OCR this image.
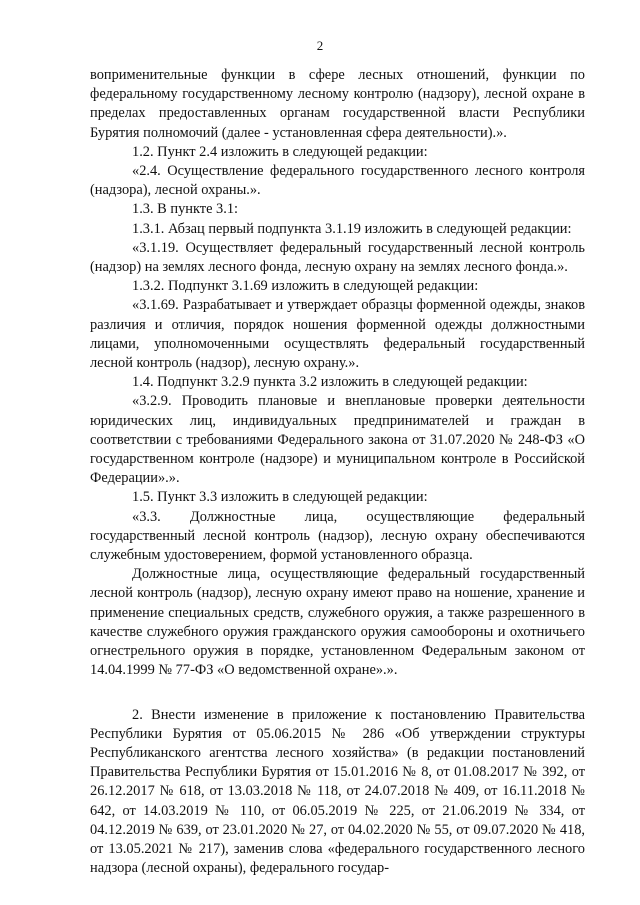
2

воприменительные функции в сфере лесных отношений, функции по федеральному государственному лесному контролю (надзору), лесной охране в пределах предоставленных органам государственной власти Республики Бурятия полномочий (далее - установленная сфера деятельности).».

1.2. Пункт 2.4 изложить в следующей редакции:

«2.4. Осуществление федерального государственного лесного контроля (надзора), лесной охраны.».

1.3. В пункте 3.1:

1.3.1. Абзац первый подпункта 3.1.19 изложить в следующей редакции:

«3.1.19. Осуществляет федеральный государственный лесной контроль (надзор) на землях лесного фонда, лесную охрану на землях лесного фонда.».

1.3.2. Подпункт 3.1.69 изложить в следующей редакции:

«3.1.69. Разрабатывает и утверждает образцы форменной одежды, знаков различия и отличия, порядок ношения форменной одежды должностными лицами, уполномоченными осуществлять федеральный государственный лесной контроль (надзор), лесную охрану.».

1.4. Подпункт 3.2.9 пункта 3.2 изложить в следующей редакции:

«3.2.9. Проводить плановые и внеплановые проверки деятельности юридических лиц, индивидуальных предпринимателей и граждан в соответствии с требованиями Федерального закона от 31.07.2020 № 248-ФЗ «О государственном контроле (надзоре) и муниципальном контроле в Российской Федерации».».

1.5. Пункт 3.3 изложить в следующей редакции:

«3.3. Должностные лица, осуществляющие федеральный государственный лесной контроль (надзор), лесную охрану обеспечиваются служебным удостоверением, формой установленного образца.

Должностные лица, осуществляющие федеральный государственный лесной контроль (надзор), лесную охрану имеют право на ношение, хранение и применение специальных средств, служебного оружия, а также разрешенного в качестве служебного оружия гражданского оружия самообороны и охотничьего огнестрельного оружия в порядке, установленном Федеральным законом от 14.04.1999 № 77-ФЗ «О ведомственной охране».».

2. Внести изменение в приложение к постановлению Правительства Республики Бурятия от 05.06.2015 № 286 «Об утверждении структуры Республиканского агентства лесного хозяйства» (в редакции постановлений Правительства Республики Бурятия от 15.01.2016 № 8, от 01.08.2017 № 392, от 26.12.2017 № 618, от 13.03.2018 № 118, от 24.07.2018 № 409, от 16.11.2018 № 642, от 14.03.2019 № 110, от 06.05.2019 № 225, от 21.06.2019 № 334, от 04.12.2019 № 639, от 23.01.2020 № 27, от 04.02.2020 № 55, от 09.07.2020 № 418, от 13.05.2021 № 217), заменив слова «федерального государственного лесного надзора (лесной охраны), федерального государ-
